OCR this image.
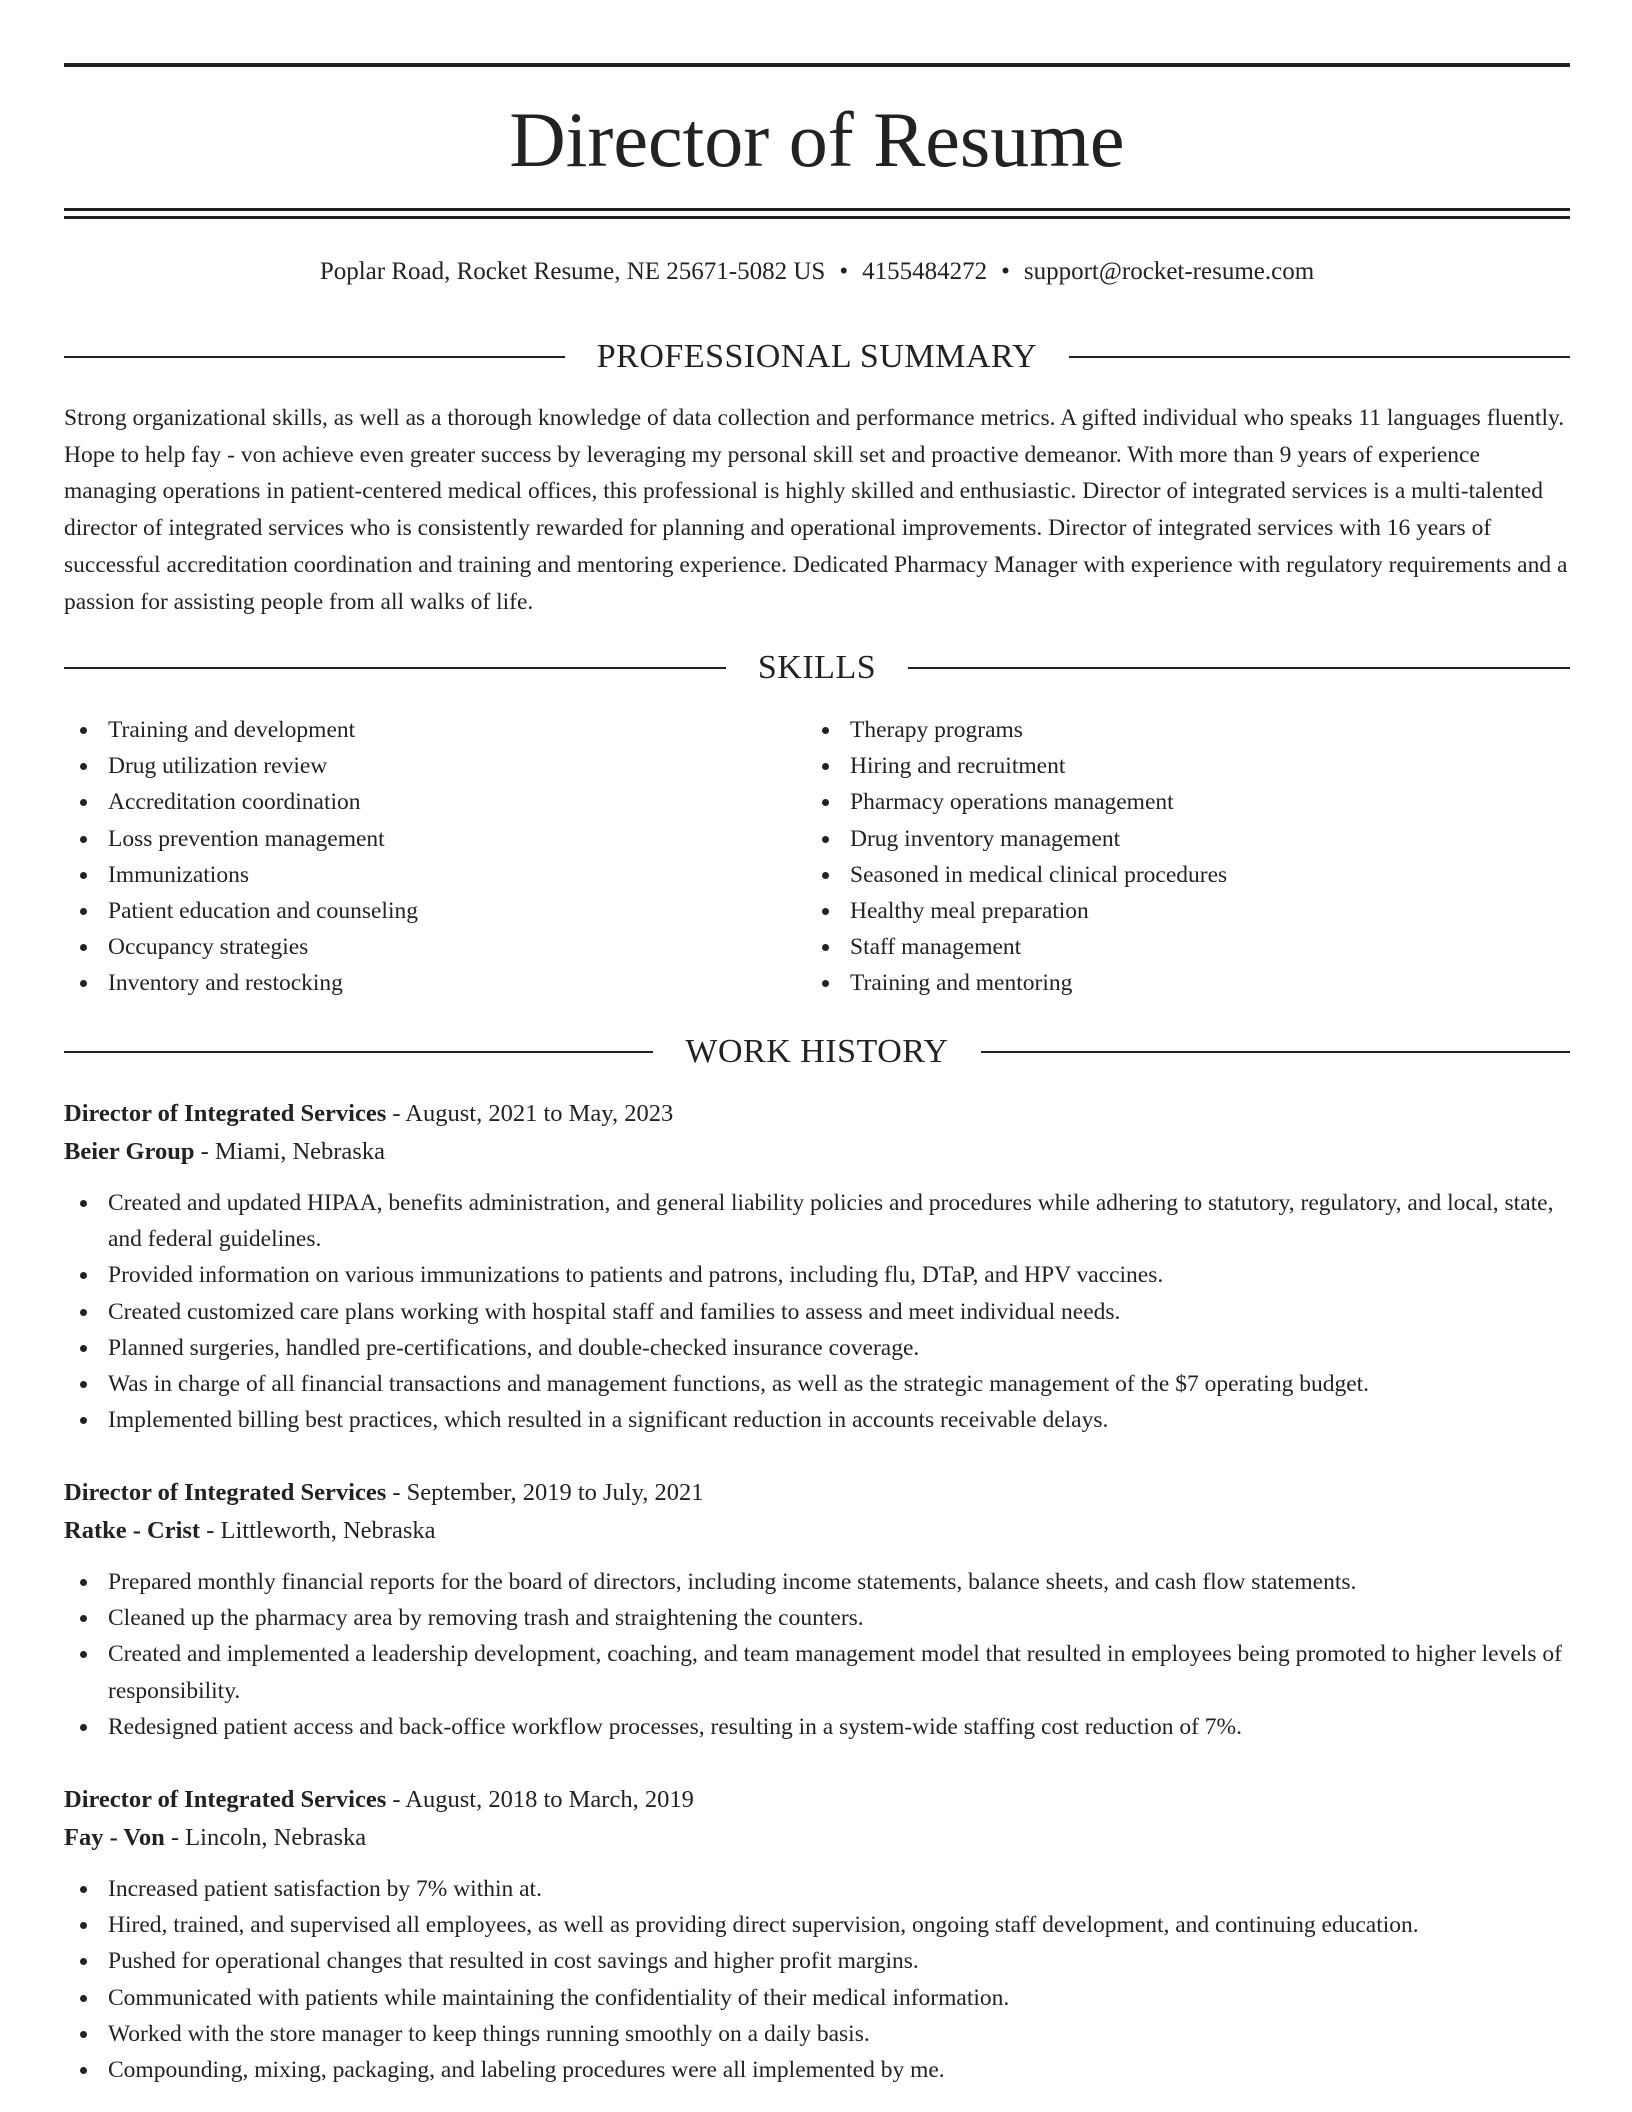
Director of Resume
Poplar Road, Rocket Resume, NE 25671-5082 US • 4155484272 • support@rocket-resume.com
PROFESSIONAL SUMMARY

Strong organizational skills, as well as a thorough knowledge of data collection and performance metrics. A gifted individual who speaks 11 languages fluently. Hope to help fay - von achieve even greater success by leveraging my personal skill set and proactive demeanor. With more than 9 years of experience managing operations in patient-centered medical offices, this professional is highly skilled and enthusiastic. Director of integrated services is a multi-talented director of integrated services who is consistently rewarded for planning and operational improvements. Director of integrated services with 16 years of successful accreditation coordination and training and mentoring experience. Dedicated Pharmacy Manager with experience with regulatory requirements and a passion for assisting people from all walks of life.

SKILLS
Training and development
Drug utilization review
Accreditation coordination
Loss prevention management
Immunizations
Patient education and counseling
Occupancy strategies
Inventory and restocking
Therapy programs
Hiring and recruitment
Pharmacy operations management
Drug inventory management
Seasoned in medical clinical procedures
Healthy meal preparation
Staff management
Training and mentoring
WORK HISTORY
Director of Integrated Services - August, 2021 to May, 2023
Beier Group - Miami, Nebraska
Created and updated HIPAA, benefits administration, and general liability policies and procedures while adhering to statutory, regulatory, and local, state, and federal guidelines.
Provided information on various immunizations to patients and patrons, including flu, DTaP, and HPV vaccines.
Created customized care plans working with hospital staff and families to assess and meet individual needs.
Planned surgeries, handled pre-certifications, and double-checked insurance coverage.
Was in charge of all financial transactions and management functions, as well as the strategic management of the $7 operating budget.
Implemented billing best practices, which resulted in a significant reduction in accounts receivable delays.
Director of Integrated Services - September, 2019 to July, 2021
Ratke - Crist - Littleworth, Nebraska
Prepared monthly financial reports for the board of directors, including income statements, balance sheets, and cash flow statements.
Cleaned up the pharmacy area by removing trash and straightening the counters.
Created and implemented a leadership development, coaching, and team management model that resulted in employees being promoted to higher levels of responsibility.
Redesigned patient access and back-office workflow processes, resulting in a system-wide staffing cost reduction of 7%.
Director of Integrated Services - August, 2018 to March, 2019
Fay - Von - Lincoln, Nebraska
Increased patient satisfaction by 7% within at.
Hired, trained, and supervised all employees, as well as providing direct supervision, ongoing staff development, and continuing education.
Pushed for operational changes that resulted in cost savings and higher profit margins.
Communicated with patients while maintaining the confidentiality of their medical information.
Worked with the store manager to keep things running smoothly on a daily basis.
Compounding, mixing, packaging, and labeling procedures were all implemented by me.
